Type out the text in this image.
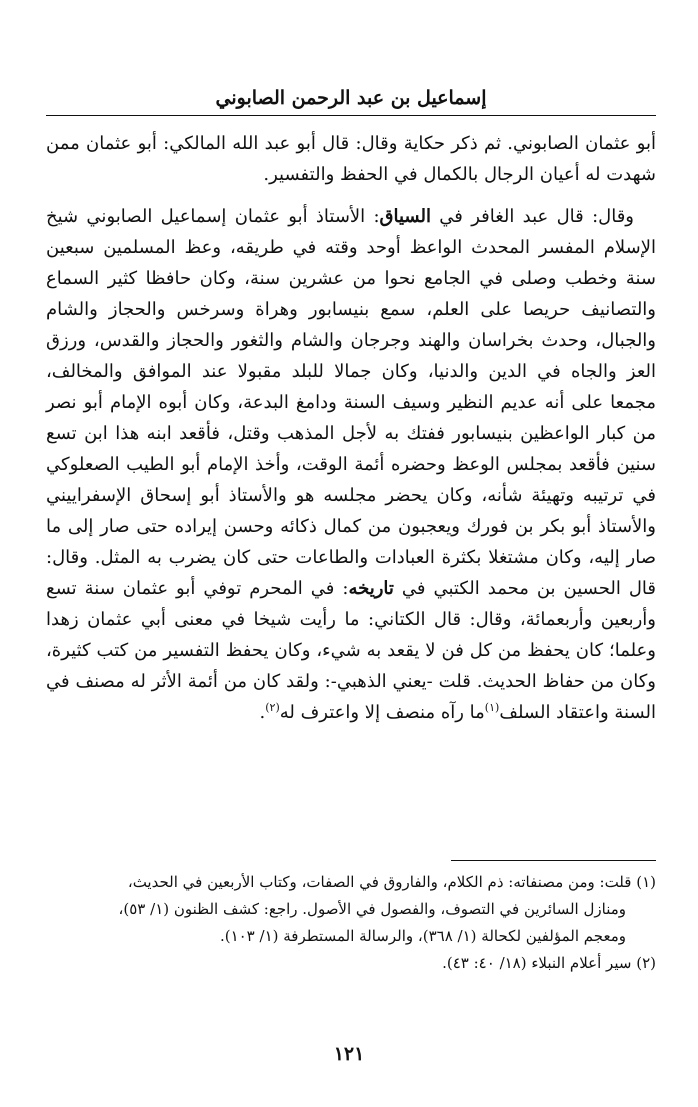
إسماعيل بن عبد الرحمن الصابوني

أبو عثمان الصابوني. ثم ذكر حكاية وقال: قال أبو عبد الله المالكي: أبو عثمان ممن شهدت له أعيان الرجال بالكمال في الحفظ والتفسير.

وقال: قال عبد الغافر في السياق: الأستاذ أبو عثمان إسماعيل الصابوني شيخ الإسلام المفسر المحدث الواعظ أوحد وقته في طريقه، وعظ المسلمين سبعين سنة وخطب وصلى في الجامع نحوا من عشرين سنة، وكان حافظا كثير السماع والتصانيف حريصا على العلم، سمع بنيسابور وهراة وسرخس والحجاز والشام والجبال، وحدث بخراسان والهند وجرجان والشام والثغور والحجاز والقدس، ورزق العز والجاه في الدين والدنيا، وكان جمالا للبلد مقبولا عند الموافق والمخالف، مجمعا على أنه عديم النظير وسيف السنة ودامغ البدعة، وكان أبوه الإمام أبو نصر من كبار الواعظين بنيسابور ففتك به لأجل المذهب وقتل، فأقعد ابنه هذا ابن تسع سنين فأقعد بمجلس الوعظ وحضره أئمة الوقت، وأخذ الإمام أبو الطيب الصعلوكي في ترتيبه وتهيئة شأنه، وكان يحضر مجلسه هو والأستاذ أبو إسحاق الإسفراييني والأستاذ أبو بكر بن فورك ويعجبون من كمال ذكائه وحسن إيراده حتى صار إلى ما صار إليه، وكان مشتغلا بكثرة العبادات والطاعات حتى كان يضرب به المثل. وقال: قال الحسين بن محمد الكتبي في تاريخه: في المحرم توفي أبو عثمان سنة تسع وأربعين وأربعمائة، وقال: قال الكتاني: ما رأيت شيخا في معنى أبي عثمان زهدا وعلما؛ كان يحفظ من كل فن لا يقعد به شيء، وكان يحفظ التفسير من كتب كثيرة، وكان من حفاظ الحديث. قلت -يعني الذهبي-: ولقد كان من أئمة الأثر له مصنف في السنة واعتقاد السلف$^{(١)}$ما رآه منصف إلا واعترف له$^{(٢)}$.

(١) قلت: ومن مصنفاته: ذم الكلام، والفاروق في الصفات، وكتاب الأربعين في الحديث،

ومنازل السائرين في التصوف، والفصول في الأصول. راجع: كشف الظنون (١/ ٥٣)،

ومعجم المؤلفين لكحالة (١/ ٣٦٨)، والرسالة المستطرفة (١/ ١٠٣).

(٢) سير أعلام النبلاء (١٨/ ٤٠: ٤٣).

١٢١
